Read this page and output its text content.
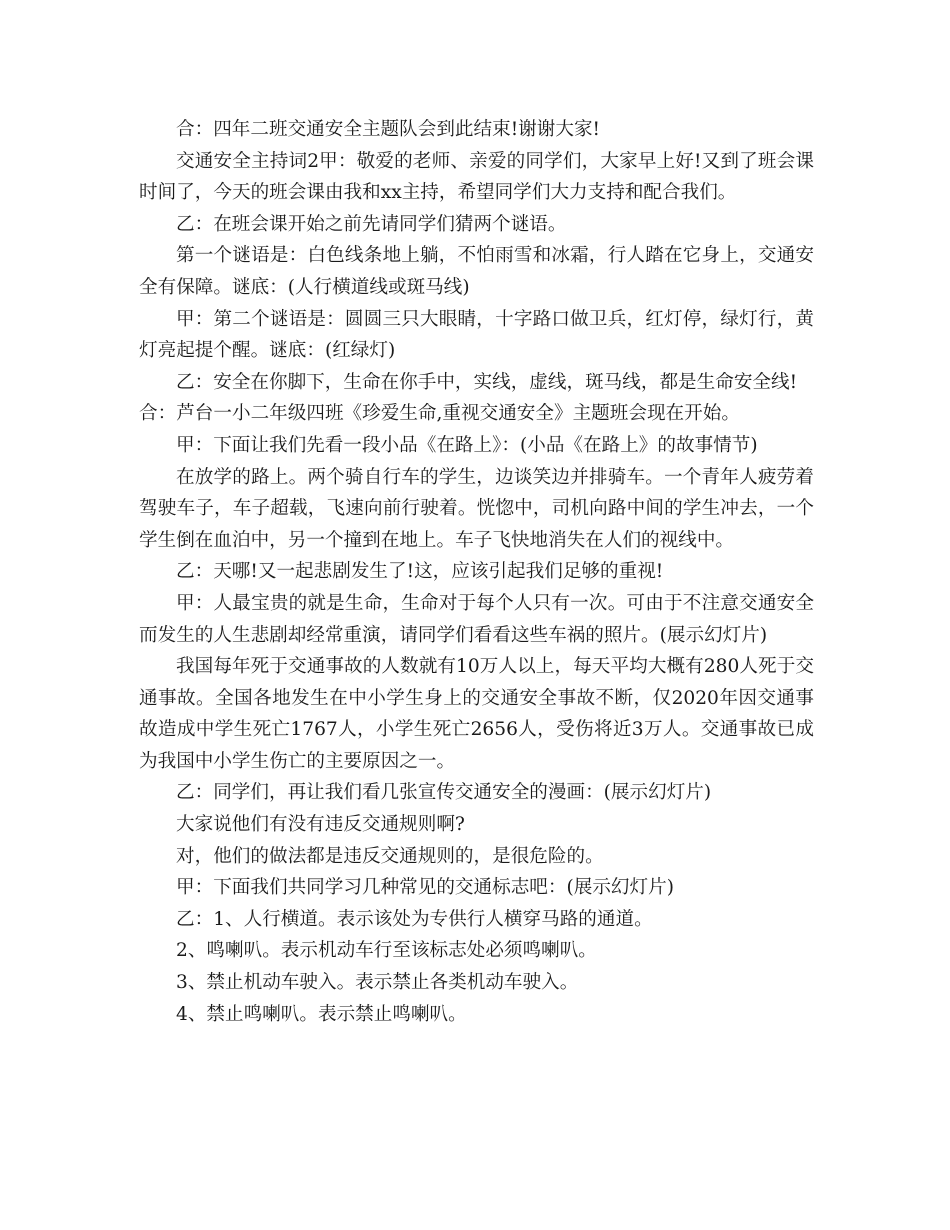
合：四年二班交通安全主题队会到此结束!谢谢大家!

交通安全主持词2甲：敬爱的老师、亲爱的同学们，大家早上好!又到了班会课时间了，今天的班会课由我和xx主持，希望同学们大力支持和配合我们。

乙：在班会课开始之前先请同学们猜两个谜语。

第一个谜语是：白色线条地上躺，不怕雨雪和冰霜，行人踏在它身上，交通安全有保障。谜底：(人行横道线或斑马线)

甲：第二个谜语是：圆圆三只大眼睛，十字路口做卫兵，红灯停，绿灯行，黄灯亮起提个醒。谜底：(红绿灯)

乙：安全在你脚下，生命在你手中，实线，虚线，斑马线，都是生命安全线!

合：芦台一小二年级四班《珍爱生命,重视交通安全》主题班会现在开始。

甲：下面让我们先看一段小品《在路上》：(小品《在路上》的故事情节)

在放学的路上。两个骑自行车的学生，边谈笑边并排骑车。一个青年人疲劳着驾驶车子，车子超载，飞速向前行驶着。恍惚中，司机向路中间的学生冲去，一个学生倒在血泊中，另一个撞到在地上。车子飞快地消失在人们的视线中。

乙：天哪!又一起悲剧发生了!这，应该引起我们足够的重视!

甲：人最宝贵的就是生命，生命对于每个人只有一次。可由于不注意交通安全而发生的人生悲剧却经常重演，请同学们看看这些车祸的照片。(展示幻灯片)

我国每年死于交通事故的人数就有10万人以上，每天平均大概有280人死于交通事故。全国各地发生在中小学生身上的交通安全事故不断，仅2020年因交通事故造成中学生死亡1767人，小学生死亡2656人，受伤将近3万人。交通事故已成为我国中小学生伤亡的主要原因之一。

乙：同学们，再让我们看几张宣传交通安全的漫画：(展示幻灯片)

大家说他们有没有违反交通规则啊?

对，他们的做法都是违反交通规则的，是很危险的。

甲：下面我们共同学习几种常见的交通标志吧：(展示幻灯片)

乙：1、人行横道。表示该处为专供行人横穿马路的通道。

2、鸣喇叭。表示机动车行至该标志处必须鸣喇叭。

3、禁止机动车驶入。表示禁止各类机动车驶入。

4、禁止鸣喇叭。表示禁止鸣喇叭。
